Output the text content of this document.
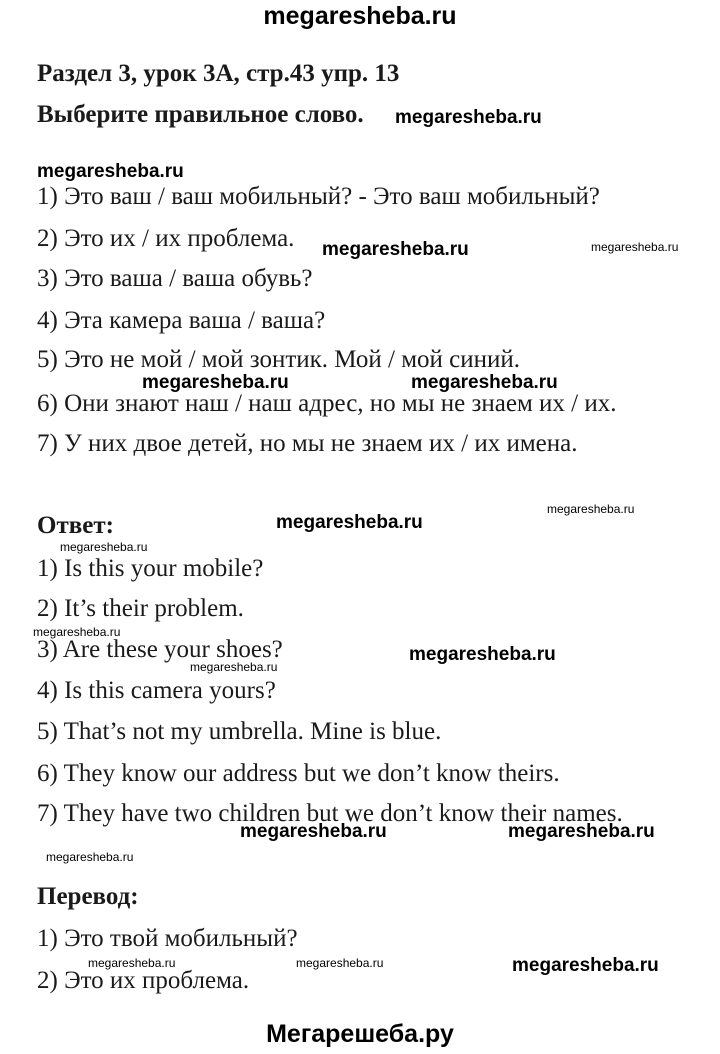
megaresheba.ru
Раздел 3, урок 3А, стр.43 упр. 13
Выберите правильное слово.
1) Это ваш / ваш мобильный? - Это ваш мобильный?
2) Это их / их проблема.
3) Это ваша / ваша обувь?
4) Эта камера ваша / ваша?
5) Это не мой / мой зонтик. Мой / мой синий.
6) Они знают наш / наш адрес, но мы не знаем их / их.
7) У них двое детей, но мы не знаем их / их имена.
Ответ:
1) Is this your mobile?
2) It’s their problem.
3) Are these your shoes?
4) Is this camera yours?
5) That’s not my umbrella. Mine is blue.
6) They know our address but we don’t know theirs.
7) They have two children but we don’t know their names.
Перевод:
1) Это твой мобильный?
2) Это их проблема.
megaresheba.ru
megaresheba.ru
megaresheba.ru	megaresheba.ru
megaresheba.ru	megaresheba.ru
megaresheba.ru
megaresheba.ru
megaresheba.ru
megaresheba.ru
megaresheba.ru
megaresheba.ru
megaresheba.ru	megaresheba.ru
megaresheba.ru
megaresheba.ru	megaresheba.ru	megaresheba.ru
Мегарешеба.ру
